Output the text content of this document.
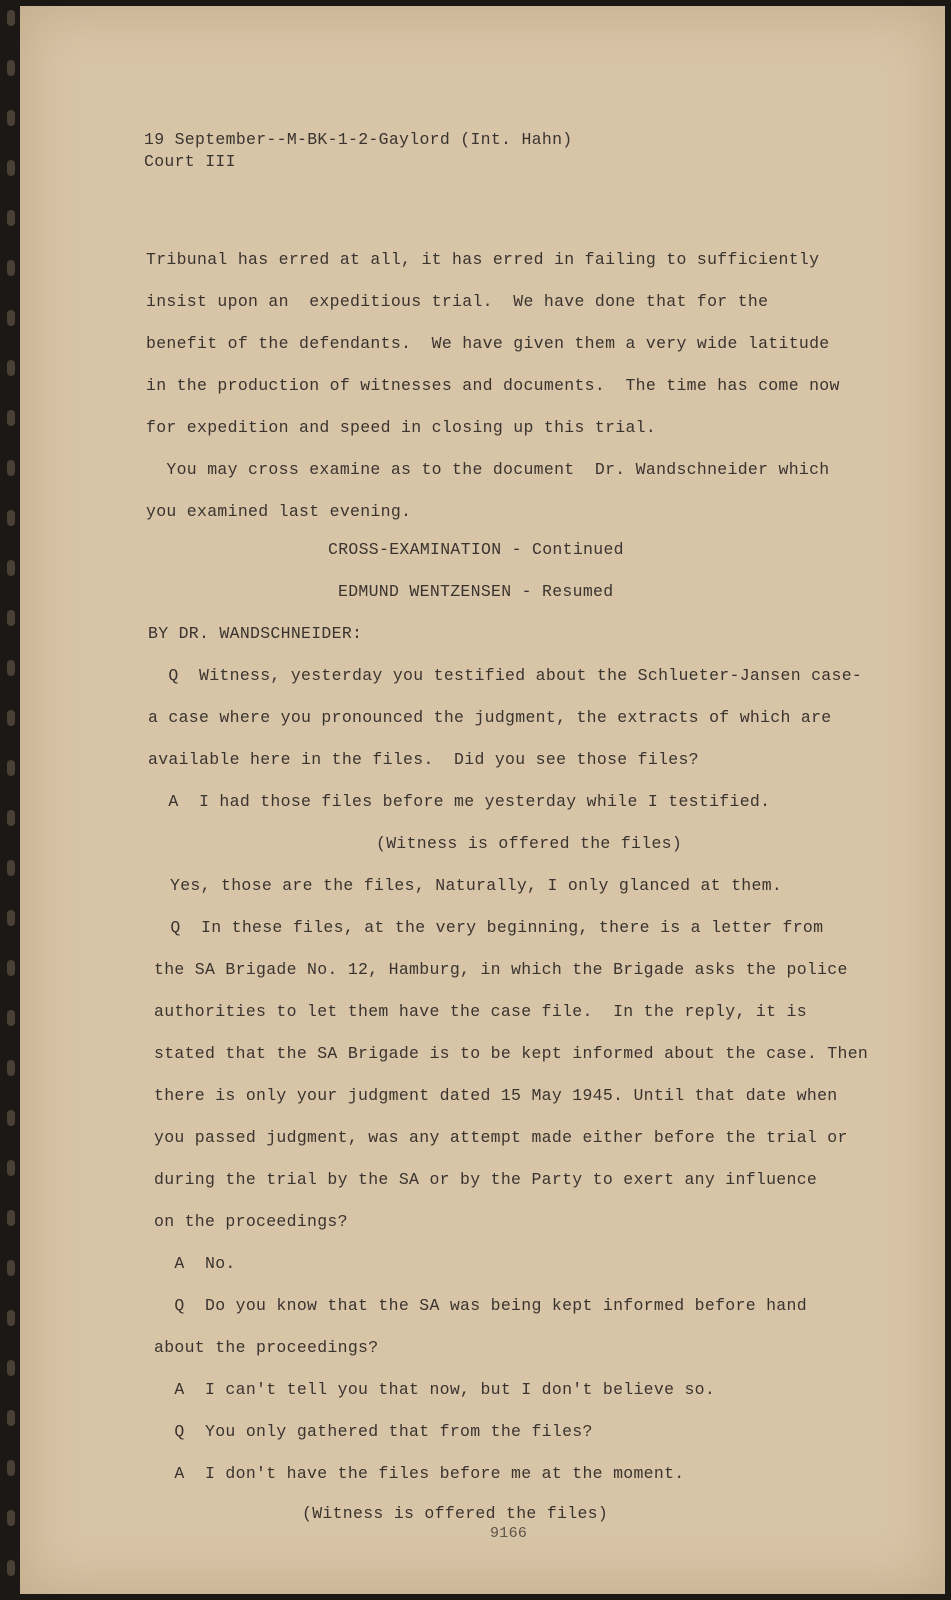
19 September--M-BK-1-2-Gaylord (Int. Hahn)
Court III
Tribunal has erred at all, it has erred in failing to sufficiently
insist upon an  expeditious trial.  We have done that for the
benefit of the defendants.  We have given them a very wide latitude
in the production of witnesses and documents.  The time has come now
for expedition and speed in closing up this trial.
You may cross examine as to the document  Dr. Wandschneider which
you examined last evening.
CROSS-EXAMINATION - Continued
EDMUND WENTZENSEN - Resumed
BY DR. WANDSCHNEIDER:
Q  Witness, yesterday you testified about the Schlueter-Jansen case-
a case where you pronounced the judgment, the extracts of which are
available here in the files.  Did you see those files?
A  I had those files before me yesterday while I testified.
(Witness is offered the files)
Yes, those are the files, Naturally, I only glanced at them.
Q  In these files, at the very beginning, there is a letter from
the SA Brigade No. 12, Hamburg, in which the Brigade asks the police
authorities to let them have the case file.  In the reply, it is
stated that the SA Brigade is to be kept informed about the case. Then
there is only your judgment dated 15 May 1945. Until that date when
you passed judgment, was any attempt made either before the trial or
during the trial by the SA or by the Party to exert any influence
on the proceedings?
A  No.
Q  Do you know that the SA was being kept informed before hand
about the proceedings?
A  I can't tell you that now, but I don't believe so.
Q  You only gathered that from the files?
A  I don't have the files before me at the moment.
(Witness is offered the files)
9166
